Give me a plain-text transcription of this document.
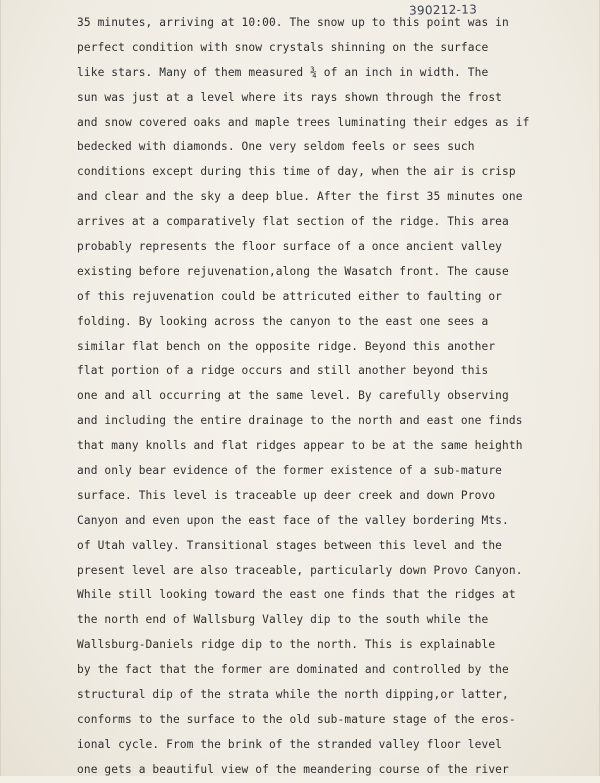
390212-13
35 minutes, arriving at 10:00. The snow up to this point was in
perfect condition with snow crystals shinning on the surface
like stars. Many of them measured ¾ of an inch in width. The
sun was just at a level where its rays shown through the frost
and snow covered oaks and maple trees luminating their edges as if
bedecked with diamonds. One very seldom feels or sees such
conditions except during this time of day, when the air is crisp
and clear and the sky a deep blue. After the first 35 minutes one
arrives at a comparatively flat section of the ridge. This area
probably represents the floor surface of a once ancient valley
existing before rejuvenation,along the Wasatch front. The cause
of this rejuvenation could be attricuted either to faulting or
folding. By looking across the canyon to the east one sees a
similar flat bench on the opposite ridge. Beyond this another
flat portion of a ridge occurs and still another beyond this
one and all occurring at the same level. By carefully observing
and including the entire drainage to the north and east one finds
that many knolls and flat ridges appear to be at the same heighth
and only bear evidence of the former existence of a sub-mature
surface. This level is traceable up deer creek and down Provo
Canyon and even upon the east face of the valley bordering Mts.
of Utah valley. Transitional stages between this level and the
present level are also traceable, particularly down Provo Canyon.
While still looking toward the east one finds that the ridges at
the north end of Wallsburg Valley dip to the south while the
Wallsburg-Daniels ridge dip to the north. This is explainable
by the fact that the former are dominated and controlled by the
structural dip of the strata while the north dipping,or latter,
conforms to the surface to the old sub-mature stage of the eros-
ional cycle. From the brink of the stranded valley floor level
one gets a beautiful view of the meandering course of the river
